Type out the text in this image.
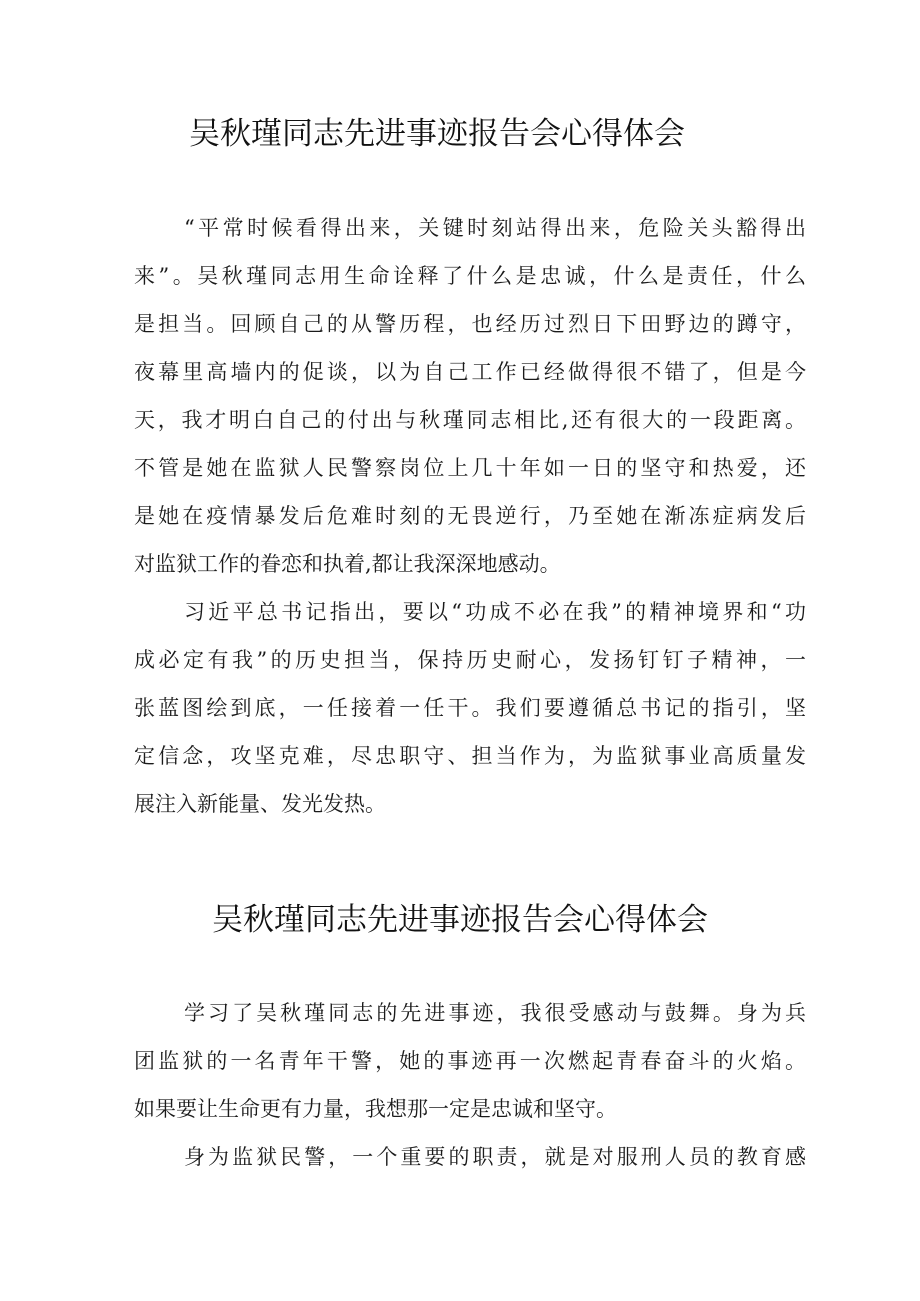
吴秋瑾同志先进事迹报告会心得体会
“平常时候看得出来，关键时刻站得出来，危险关头豁得出
来”。吴秋瑾同志用生命诠释了什么是忠诚，什么是责任，什么
是担当。回顾自己的从警历程，也经历过烈日下田野边的蹲守，
夜幕里高墙内的促谈，以为自己工作已经做得很不错了，但是今
天，我才明白自己的付出与秋瑾同志相比,还有很大的一段距离。
不管是她在监狱人民警察岗位上几十年如一日的坚守和热爱，还
是她在疫情暴发后危难时刻的无畏逆行，乃至她在渐冻症病发后
对监狱工作的眷恋和执着,都让我深深地感动。
习近平总书记指出，要以“功成不必在我”的精神境界和“功
成必定有我”的历史担当，保持历史耐心，发扬钉钉子精神，一
张蓝图绘到底，一任接着一任干。我们要遵循总书记的指引，坚
定信念，攻坚克难，尽忠职守、担当作为，为监狱事业高质量发
展注入新能量、发光发热。
吴秋瑾同志先进事迹报告会心得体会
学习了吴秋瑾同志的先进事迹，我很受感动与鼓舞。身为兵
团监狱的一名青年干警，她的事迹再一次燃起青春奋斗的火焰。
如果要让生命更有力量，我想那一定是忠诚和坚守。
身为监狱民警，一个重要的职责，就是对服刑人员的教育感
